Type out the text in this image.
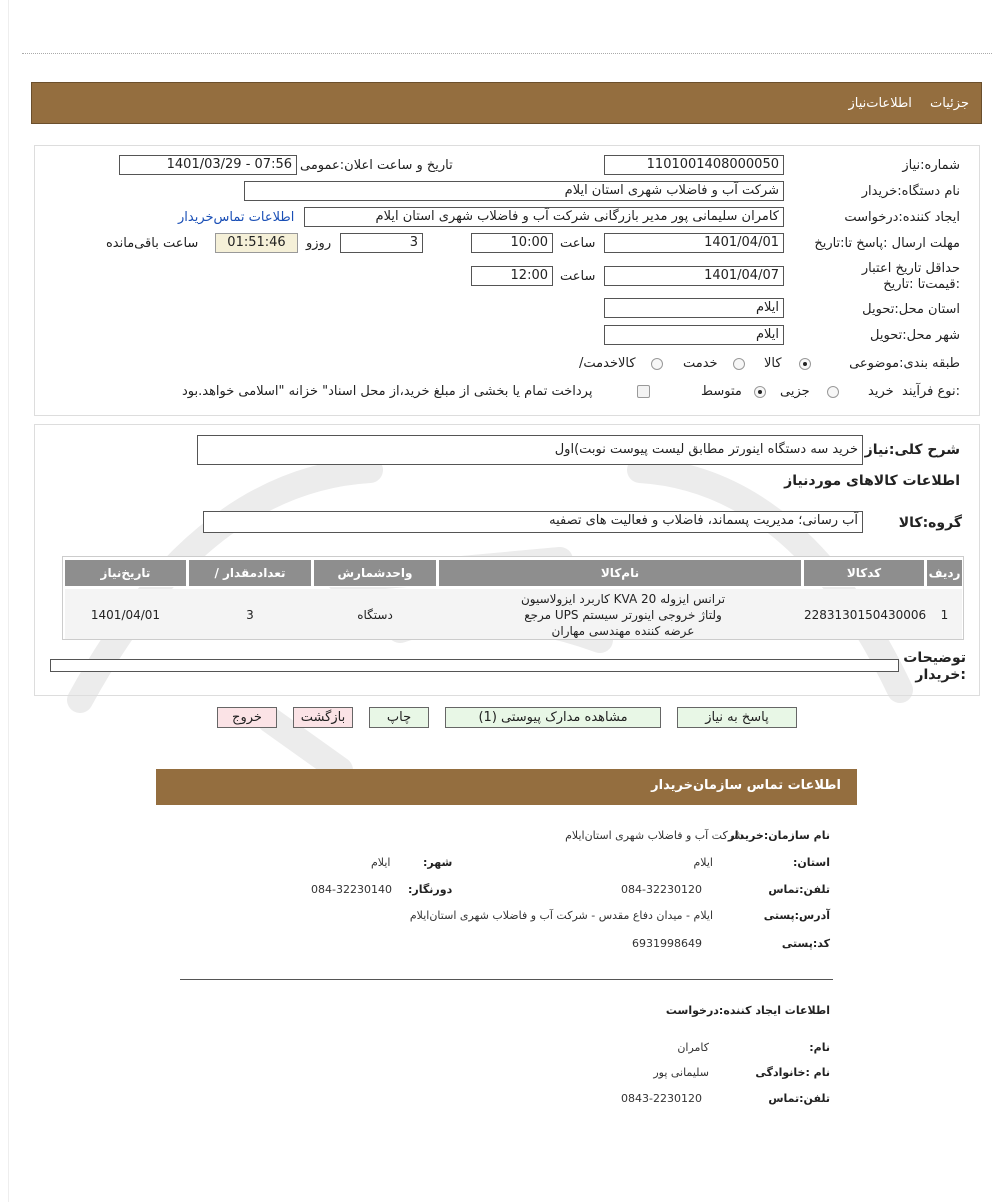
جزئیات اطلاعات‌نیاز
شماره:نیاز
1101001408000050
تاریخ و ساعت اعلان:عمومی
1401/03/29 - 07:56
نام دستگاه:خریدار
شرکت آب و فاضلاب شهری استان ایلام
ایجاد کننده:درخواست
کامران سلیمانی پور مدیر بازرگانی شرکت آب و فاضلاب شهری استان ایلام
اطلاعات تماس‌خریدار
مهلت ارسال :پاسخ تا:تاریخ
1401/04/01
ساعت
10:00
3
روزو
01:51:46
ساعت باقی‌مانده
حداقل تاریخ اعتبار :قیمت‌تا :تاریخ
1401/04/07
ساعت
12:00
استان محل:تحویل
ایلام
شهر محل:تحویل
ایلام
طبقه بندی:موضوعی
کالا
خدمت
/کالاخدمت
نوع فرآیند:
خرید
جزیی
متوسط
پرداخت تمام یا بخشی از مبلغ خرید،از محل اسناد" خزانه "اسلامی خواهد.بود
شرح کلی:نیاز
خرید سه دستگاه اینورتر مطابق لیست پیوست نوبت)اول
اطلاعات کالاهای موردنیاز
گروه:کالا
آب رسانی؛ مدیریت پسماند، فاضلاب و فعالیت های تصفیه
ردیف
کدکالا
نام‌کالا
واحدشمارش
/ تعدادمقدار
تاریخ‌نیاز
1
2283130150430006
ترانس ایزوله 20 KVA کاربرد ایزولاسیون
ولتاژ خروجی اینورتر سیستم UPS مرجع
عرضه کننده مهندسی مهاران
دستگاه
3
1401/04/01
توضیحات :خریدار
پاسخ به نیاز
مشاهده مدارک پیوستی (1)
چاپ
بازگشت
خروج
اطلاعات تماس سازمان‌خریدار
نام سازمان:خریدار
شرکت آب و فاضلاب شهری استان‌ایلام
:استان
ایلام
:شهر
ایلام
تلفن:تماس
084-32230120
:دورنگار
084-32230140
آدرس:پستی
ایلام - میدان دفاع مقدس - شرکت آب و فاضلاب شهری استان‌ایلام
کد:پستی
6931998649
اطلاعات ایجاد کننده:درخواست
:نام
کامران
نام :خانوادگی
سلیمانی پور
تلفن:تماس
0843-2230120
